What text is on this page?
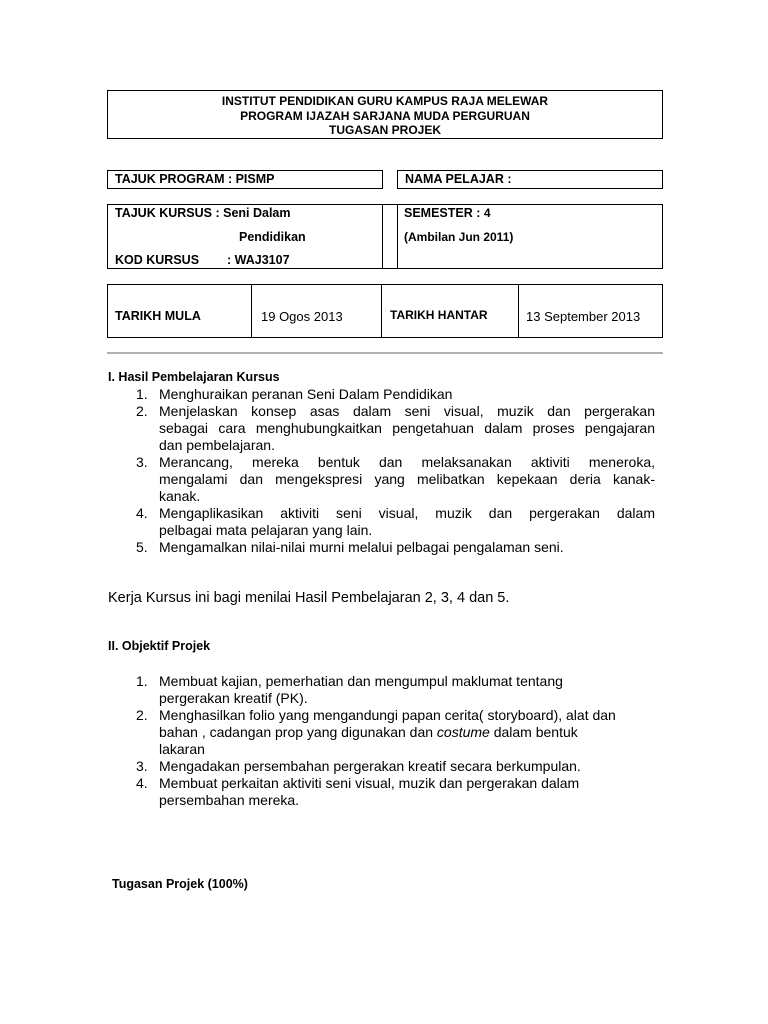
INSTITUT PENDIDIKAN GURU KAMPUS RAJA MELEWAR
PROGRAM IJAZAH SARJANA MUDA PERGURUAN
TUGASAN PROJEK
TAJUK PROGRAM : PISMP	NAMA PELAJAR :
TAJUK KURSUS : Seni Dalam
Pendidikan
KOD KURSUS : WAJ3107
SEMESTER : 4
(Ambilan Jun 2011)
TARIKH MULA	19 Ogos 2013	TARIKH HANTAR	13 September 2013
I. Hasil Pembelajaran Kursus
1. Menghuraikan peranan Seni Dalam Pendidikan
2. Menjelaskan konsep asas dalam seni visual, muzik dan pergerakan
sebagai cara menghubungkaitkan pengetahuan dalam proses pengajaran
dan pembelajaran.
3. Merancang, mereka bentuk dan melaksanakan aktiviti meneroka,
mengalami dan mengekspresi yang melibatkan kepekaan deria kanak-
kanak.
4. Mengaplikasikan aktiviti seni visual, muzik dan pergerakan dalam
pelbagai mata pelajaran yang lain.
5. Mengamalkan nilai-nilai murni melalui pelbagai pengalaman seni.
Kerja Kursus ini bagi menilai Hasil Pembelajaran 2, 3, 4 dan 5.
II. Objektif Projek
1. Membuat kajian, pemerhatian dan mengumpul maklumat tentang
pergerakan kreatif (PK).
2. Menghasilkan folio yang mengandungi papan cerita( storyboard), alat dan
bahan , cadangan prop yang digunakan dan costume dalam bentuk
lakaran
3. Mengadakan persembahan pergerakan kreatif secara berkumpulan.
4. Membuat perkaitan aktiviti seni visual, muzik dan pergerakan dalam
persembahan mereka.
Tugasan Projek (100%)
